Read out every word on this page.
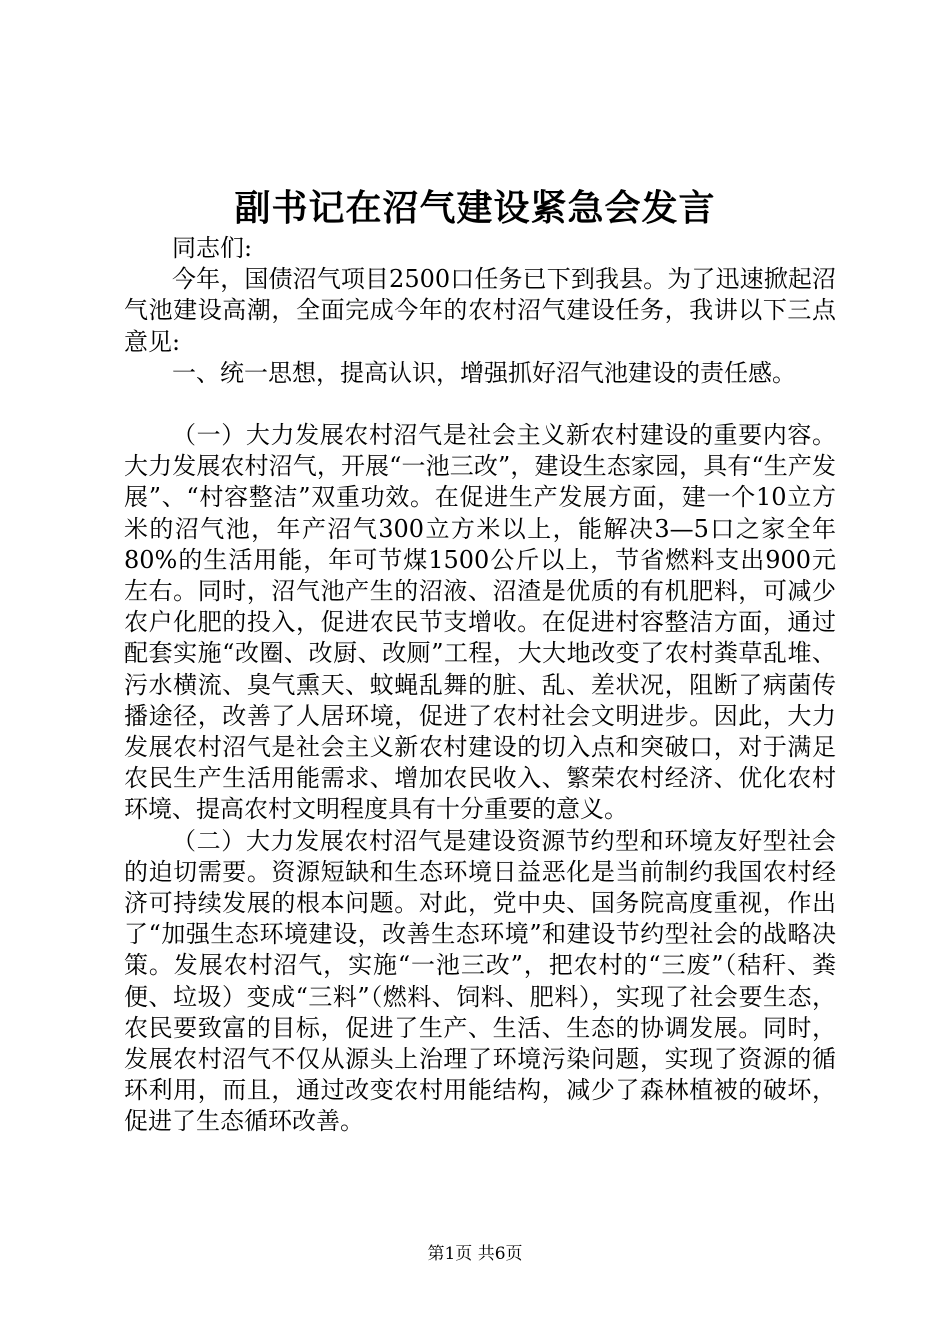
副书记在沼气建设紧急会发言

同志们:

今年，国债沼气项目2500口任务已下到我县。为了迅速掀起沼气池建设高潮，全面完成今年的农村沼气建设任务，我讲以下三点意见:

一、统一思想，提高认识，增强抓好沼气池建设的责任感。

（一）大力发展农村沼气是社会主义新农村建设的重要内容。大力发展农村沼气，开展“一池三改”，建设生态家园，具有“生产发展”、“村容整洁”双重功效。在促进生产发展方面，建一个10立方米的沼气池，年产沼气300立方米以上，能解决3—5口之家全年80%的生活用能，年可节煤1500公斤以上，节省燃料支出900元左右。同时，沼气池产生的沼液、沼渣是优质的有机肥料，可减少农户化肥的投入，促进农民节支增收。在促进村容整洁方面，通过配套实施“改圈、改厨、改厕”工程，大大地改变了农村粪草乱堆、污水横流、臭气熏天、蚊蝇乱舞的脏、乱、差状况，阻断了病菌传播途径，改善了人居环境，促进了农村社会文明进步。因此，大力发展农村沼气是社会主义新农村建设的切入点和突破口，对于满足农民生产生活用能需求、增加农民收入、繁荣农村经济、优化农村环境、提高农村文明程度具有十分重要的意义。

（二）大力发展农村沼气是建设资源节约型和环境友好型社会的迫切需要。资源短缺和生态环境日益恶化是当前制约我国农村经济可持续发展的根本问题。对此，党中央、国务院高度重视，作出了“加强生态环境建设，改善生态环境”和建设节约型社会的战略决策。发展农村沼气，实施“一池三改”，把农村的“三废”（秸秆、粪便、垃圾）变成“三料”（燃料、饲料、肥料），实现了社会要生态，农民要致富的目标，促进了生产、生活、生态的协调发展。同时，发展农村沼气不仅从源头上治理了环境污染问题，实现了资源的循环利用，而且，通过改变农村用能结构，减少了森林植被的破坏，促进了生态循环改善。

第1页 共6页
